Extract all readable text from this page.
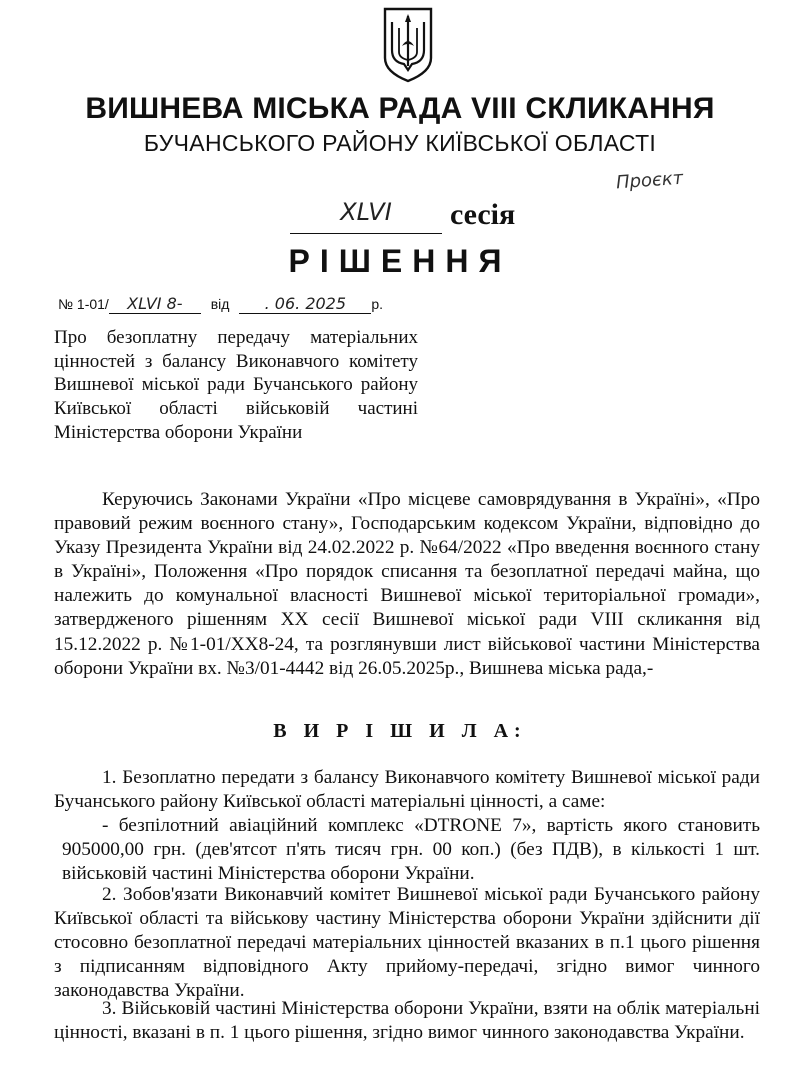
ВИШНЕВА МІСЬКА РАДА VIII СКЛИКАННЯ
БУЧАНСЬКОГО РАЙОНУ КИЇВСЬКОЇ ОБЛАСТІ
Проєкт
XLVI	сесія
РІШЕННЯ
№ 1-01/ XLVI 8- від . 06. 2025 р.
Про безоплатну передачу матеріальних цінностей з балансу Виконавчого комітету Вишневої міської ради Бучанського району Київської області військовій частині Міністерства оборони України
Керуючись Законами України «Про місцеве самоврядування в Україні», «Про правовий режим воєнного стану», Господарським кодексом України, відповідно до Указу Президента України від 24.02.2022 р. №64/2022 «Про введення воєнного стану в Україні», Положення «Про порядок списання та безоплатної передачі майна, що належить до комунальної власності Вишневої міської територіальної громади», затвердженого рішенням XX сесії Вишневої міської ради VIII скликання від 15.12.2022 р. №1-01/ХХ8-24, та розглянувши лист військової частини Міністерства оборони України вх. №3/01-4442 від 26.05.2025р., Вишнева міська рада,-
В И Р І Ш И Л А:
1. Безоплатно передати з балансу Виконавчого комітету Вишневої міської ради Бучанського району Київської області матеріальні цінності, а саме:
- безпілотний авіаційний комплекс «DTRONE 7», вартість якого становить 905000,00 грн. (дев'ятсот п'ять тисяч грн. 00 коп.) (без ПДВ), в кількості 1 шт. військовій частині Міністерства оборони України.
2. Зобов'язати Виконавчий комітет Вишневої міської ради Бучанського району Київської області та військову частину Міністерства оборони України здійснити дії стосовно безоплатної передачі матеріальних цінностей вказаних в п.1 цього рішення з підписанням відповідного Акту прийому-передачі, згідно вимог чинного законодавства України.
3. Військовій частині Міністерства оборони України, взяти на облік матеріальні цінності, вказані в п. 1 цього рішення, згідно вимог чинного законодавства України.
